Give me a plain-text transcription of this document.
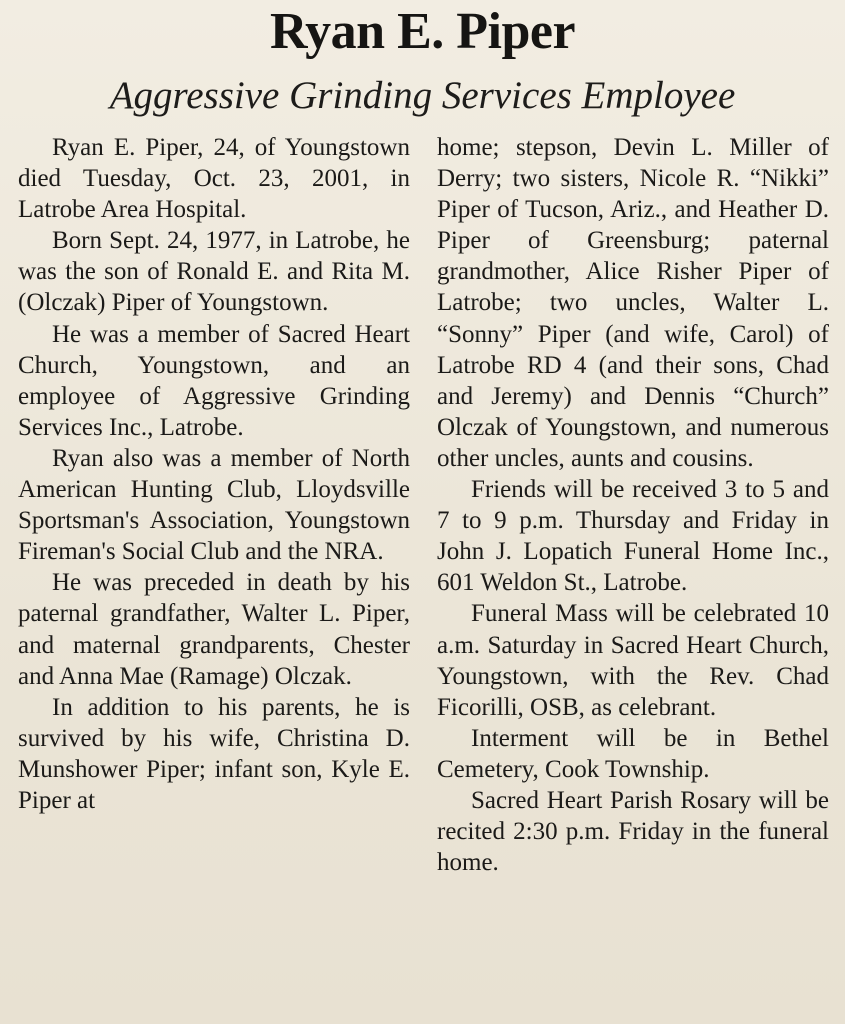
Ryan E. Piper
Aggressive Grinding Services Employee

Ryan E. Piper, 24, of Youngstown died Tuesday, Oct. 23, 2001, in Latrobe Area Hospital.

Born Sept. 24, 1977, in Latrobe, he was the son of Ronald E. and Rita M. (Olczak) Piper of Youngstown.

He was a member of Sacred Heart Church, Youngstown, and an employee of Aggressive Grinding Services Inc., Latrobe.

Ryan also was a member of North American Hunting Club, Lloydsville Sportsman's Association, Youngstown Fireman's Social Club and the NRA.

He was preceded in death by his paternal grandfather, Walter L. Piper, and maternal grandparents, Chester and Anna Mae (Ramage) Olczak.

In addition to his parents, he is survived by his wife, Christina D. Munshower Piper; infant son, Kyle E. Piper at

home; stepson, Devin L. Miller of Derry; two sisters, Nicole R. “Nikki” Piper of Tucson, Ariz., and Heather D. Piper of Greensburg; paternal grandmother, Alice Risher Piper of Latrobe; two uncles, Walter L. “Sonny” Piper (and wife, Carol) of Latrobe RD 4 (and their sons, Chad and Jeremy) and Dennis “Church” Olczak of Youngstown, and numerous other uncles, aunts and cousins.

Friends will be received 3 to 5 and 7 to 9 p.m. Thursday and Friday in John J. Lopatich Funeral Home Inc., 601 Weldon St., Latrobe.

Funeral Mass will be celebrated 10 a.m. Saturday in Sacred Heart Church, Youngstown, with the Rev. Chad Ficorilli, OSB, as celebrant.

Interment will be in Bethel Cemetery, Cook Township.

Sacred Heart Parish Rosary will be recited 2:30 p.m. Friday in the funeral home.
